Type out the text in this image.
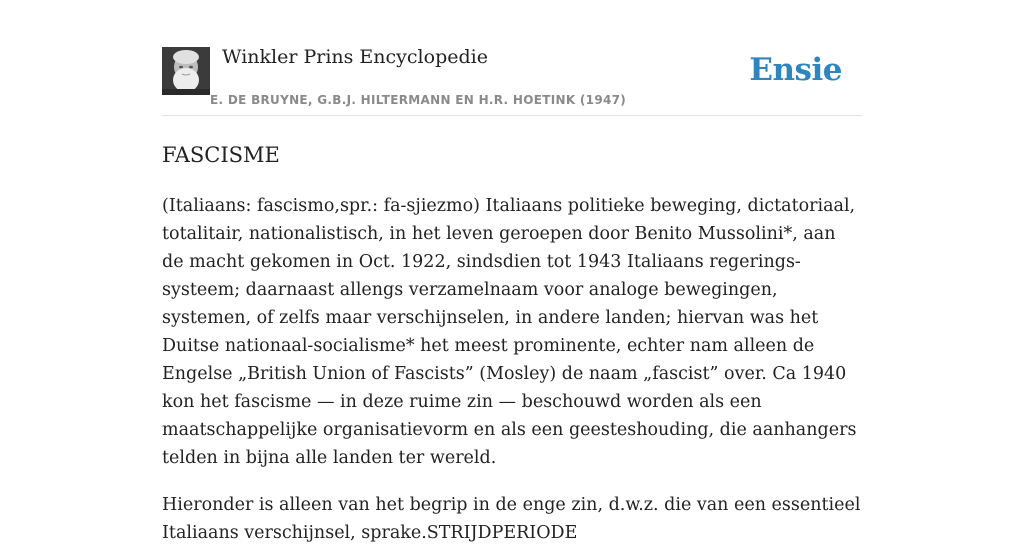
Winkler Prins Encyclopedie
E. DE BRUYNE, G.B.J. HILTERMANN EN H.R. HOETINK (1947)
Ensie
FASCISME

(Italiaans: fascismo,spr.: fa-sjiezmo) Italiaans politieke beweging, dictatoriaal, totalitair, nationalistisch, in het leven geroepen door Benito Mussolini*, aan de macht gekomen in Oct. 1922, sindsdien tot 1943 Italiaans regerings-systeem; daarnaast allengs verzamelnaam voor analoge bewegingen, systemen, of zelfs maar verschijnselen, in andere landen; hiervan was het Duitse nationaal-socialisme* het meest prominente, echter nam alleen de Engelse „British Union of Fascists” (Mosley) de naam „fascist” over. Ca 1940 kon het fascisme — in deze ruime zin — beschouwd worden als een maatschappelijke organisatievorm en als een geesteshouding, die aanhangers telden in bijna alle landen ter wereld.

Hieronder is alleen van het begrip in de enge zin, d.w.z. die van een essentieel Italiaans verschijnsel, sprake.STRIJDPERIODE
